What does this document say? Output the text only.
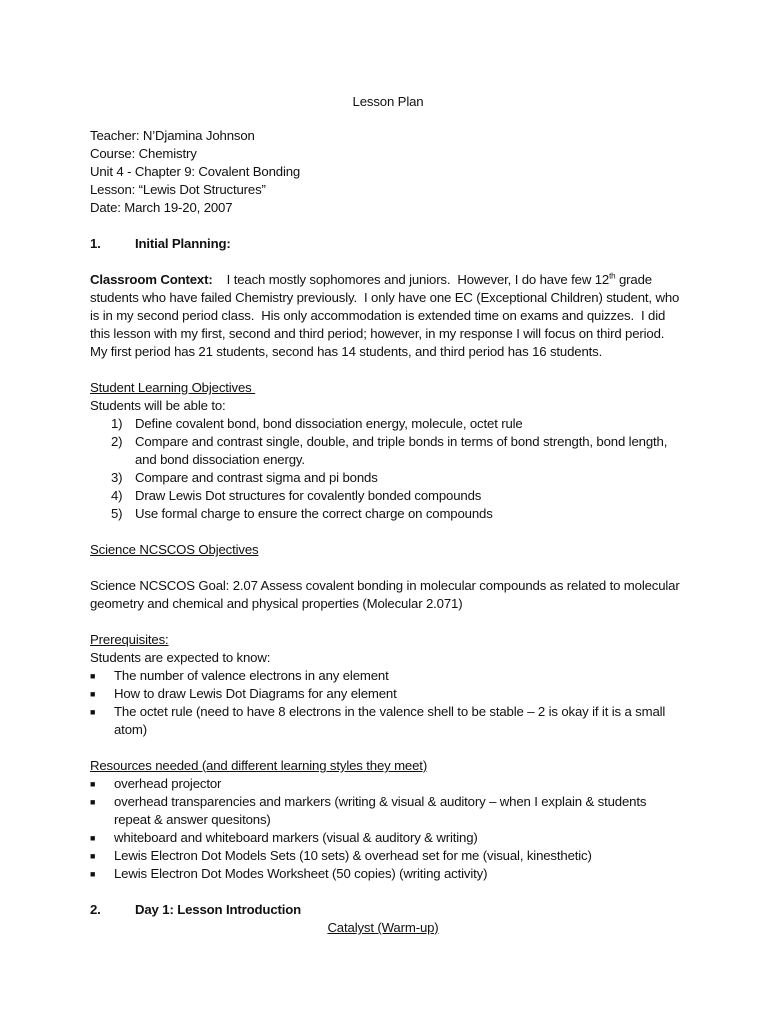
Lesson Plan
Teacher: N’Djamina Johnson
Course: Chemistry
Unit 4 - Chapter 9: Covalent Bonding
Lesson: “Lewis Dot Structures”
Date: March 19-20, 2007
1.	Initial Planning:
Classroom Context:    I teach mostly sophomores and juniors.  However, I do have few 12th grade students who have failed Chemistry previously.  I only have one EC (Exceptional Children) student, who is in my second period class.  His only accommodation is extended time on exams and quizzes.  I did this lesson with my first, second and third period; however, in my response I will focus on third period.  My first period has 21 students, second has 14 students, and third period has 16 students.
Student Learning Objectives
Students will be able to:
1) Define covalent bond, bond dissociation energy, molecule, octet rule
2) Compare and contrast single, double, and triple bonds in terms of bond strength, bond length, and bond dissociation energy.
3) Compare and contrast sigma and pi bonds
4) Draw Lewis Dot structures for covalently bonded compounds
5) Use formal charge to ensure the correct charge on compounds
Science NCSCOS Objectives
Science NCSCOS Goal: 2.07 Assess covalent bonding in molecular compounds as related to molecular geometry and chemical and physical properties (Molecular 2.071)
Prerequisites:
Students are expected to know:
■	The number of valence electrons in any element
■	How to draw Lewis Dot Diagrams for any element
■	The octet rule (need to have 8 electrons in the valence shell to be stable – 2 is okay if it is a small atom)
Resources needed (and different learning styles they meet)
■	overhead projector
■	overhead transparencies and markers (writing & visual & auditory – when I explain & students repeat & answer quesitons)
■	whiteboard and whiteboard markers (visual & auditory & writing)
■	Lewis Electron Dot Models Sets (10 sets) & overhead set for me (visual, kinesthetic)
■	Lewis Electron Dot Modes Worksheet (50 copies) (writing activity)
2.	Day 1: Lesson Introduction
Catalyst (Warm-up)
